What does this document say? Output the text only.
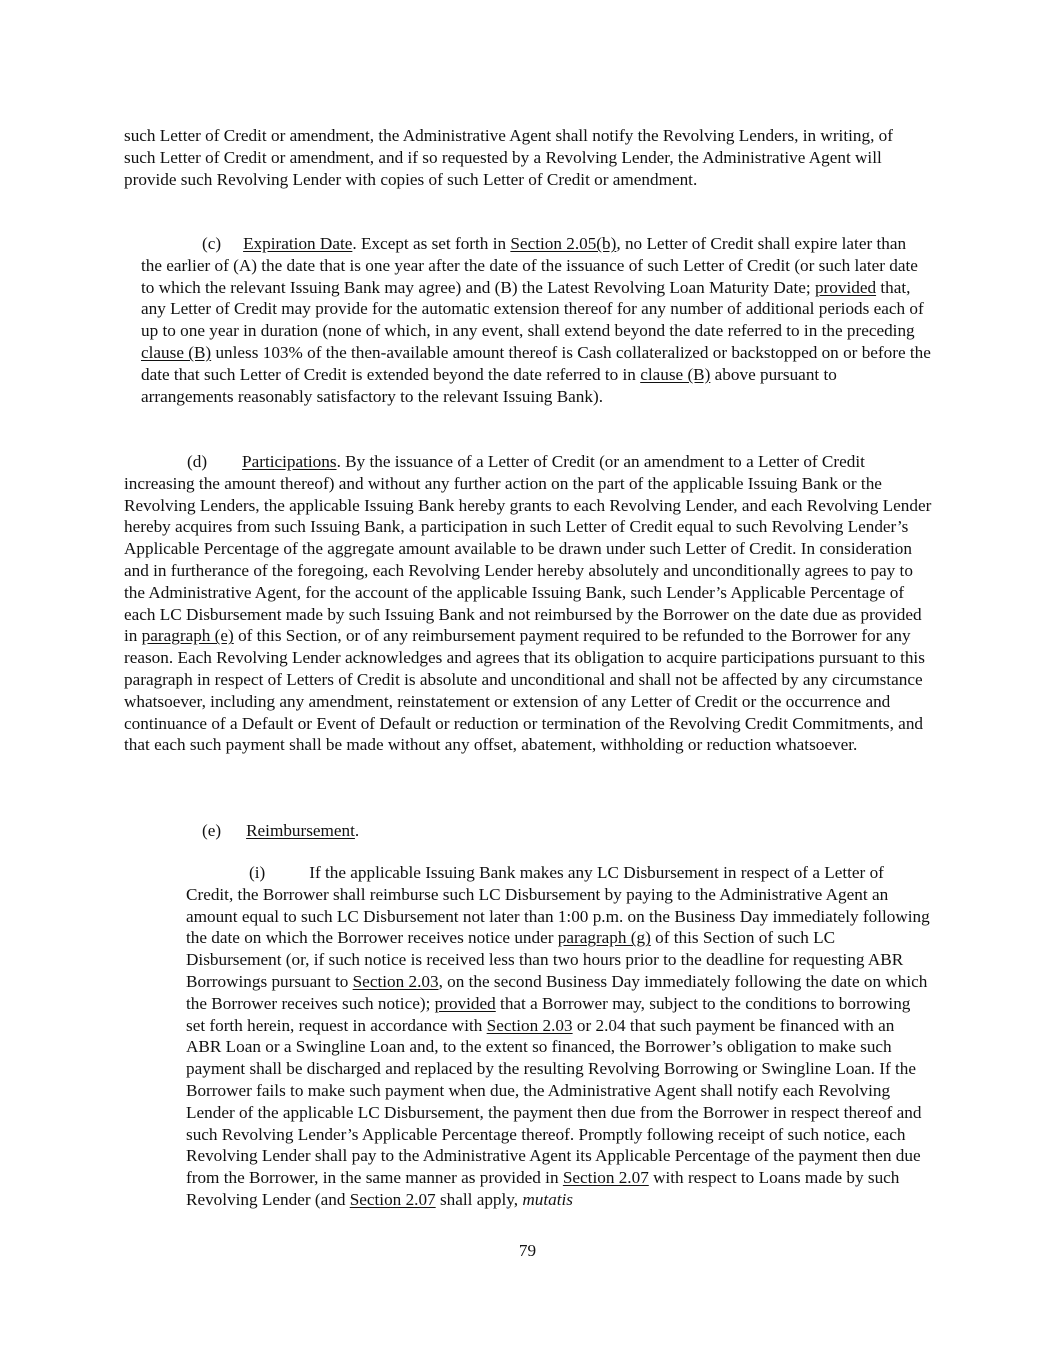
such Letter of Credit or amendment, the Administrative Agent shall notify the Revolving Lenders, in writing, of such Letter of Credit or amendment, and if so requested by a Revolving Lender, the Administrative Agent will provide such Revolving Lender with copies of such Letter of Credit or amendment.

(c) Expiration Date. Except as set forth in Section 2.05(b), no Letter of Credit shall expire later than the earlier of (A) the date that is one year after the date of the issuance of such Letter of Credit (or such later date to which the relevant Issuing Bank may agree) and (B) the Latest Revolving Loan Maturity Date; provided that, any Letter of Credit may provide for the automatic extension thereof for any number of additional periods each of up to one year in duration (none of which, in any event, shall extend beyond the date referred to in the preceding clause (B) unless 103% of the then-available amount thereof is Cash collateralized or backstopped on or before the date that such Letter of Credit is extended beyond the date referred to in clause (B) above pursuant to arrangements reasonably satisfactory to the relevant Issuing Bank).

(d) Participations. By the issuance of a Letter of Credit (or an amendment to a Letter of Credit increasing the amount thereof) and without any further action on the part of the applicable Issuing Bank or the Revolving Lenders, the applicable Issuing Bank hereby grants to each Revolving Lender, and each Revolving Lender hereby acquires from such Issuing Bank, a participation in such Letter of Credit equal to such Revolving Lender’s Applicable Percentage of the aggregate amount available to be drawn under such Letter of Credit. In consideration and in furtherance of the foregoing, each Revolving Lender hereby absolutely and unconditionally agrees to pay to the Administrative Agent, for the account of the applicable Issuing Bank, such Lender’s Applicable Percentage of each LC Disbursement made by such Issuing Bank and not reimbursed by the Borrower on the date due as provided in paragraph (e) of this Section, or of any reimbursement payment required to be refunded to the Borrower for any reason. Each Revolving Lender acknowledges and agrees that its obligation to acquire participations pursuant to this paragraph in respect of Letters of Credit is absolute and unconditional and shall not be affected by any circumstance whatsoever, including any amendment, reinstatement or extension of any Letter of Credit or the occurrence and continuance of a Default or Event of Default or reduction or termination of the Revolving Credit Commitments, and that each such payment shall be made without any offset, abatement, withholding or reduction whatsoever.

(e) Reimbursement.

(i)	If the applicable Issuing Bank makes any LC Disbursement in respect of a Letter of Credit, the Borrower shall reimburse such LC Disbursement by paying to the Administrative Agent an amount equal to such LC Disbursement not later than 1:00 p.m. on the Business Day immediately following the date on which the Borrower receives notice under paragraph (g) of this Section of such LC Disbursement (or, if such notice is received less than two hours prior to the deadline for requesting ABR Borrowings pursuant to Section 2.03, on the second Business Day immediately following the date on which the Borrower receives such notice); provided that a Borrower may, subject to the conditions to borrowing set forth herein, request in accordance with Section 2.03 or 2.04 that such payment be financed with an ABR Loan or a Swingline Loan and, to the extent so financed, the Borrower’s obligation to make such payment shall be discharged and replaced by the resulting Revolving Borrowing or Swingline Loan. If the Borrower fails to make such payment when due, the Administrative Agent shall notify each Revolving Lender of the applicable LC Disbursement, the payment then due from the Borrower in respect thereof and such Revolving Lender’s Applicable Percentage thereof. Promptly following receipt of such notice, each Revolving Lender shall pay to the Administrative Agent its Applicable Percentage of the payment then due from the Borrower, in the same manner as provided in Section 2.07 with respect to Loans made by such Revolving Lender (and Section 2.07 shall apply, mutatis

79
